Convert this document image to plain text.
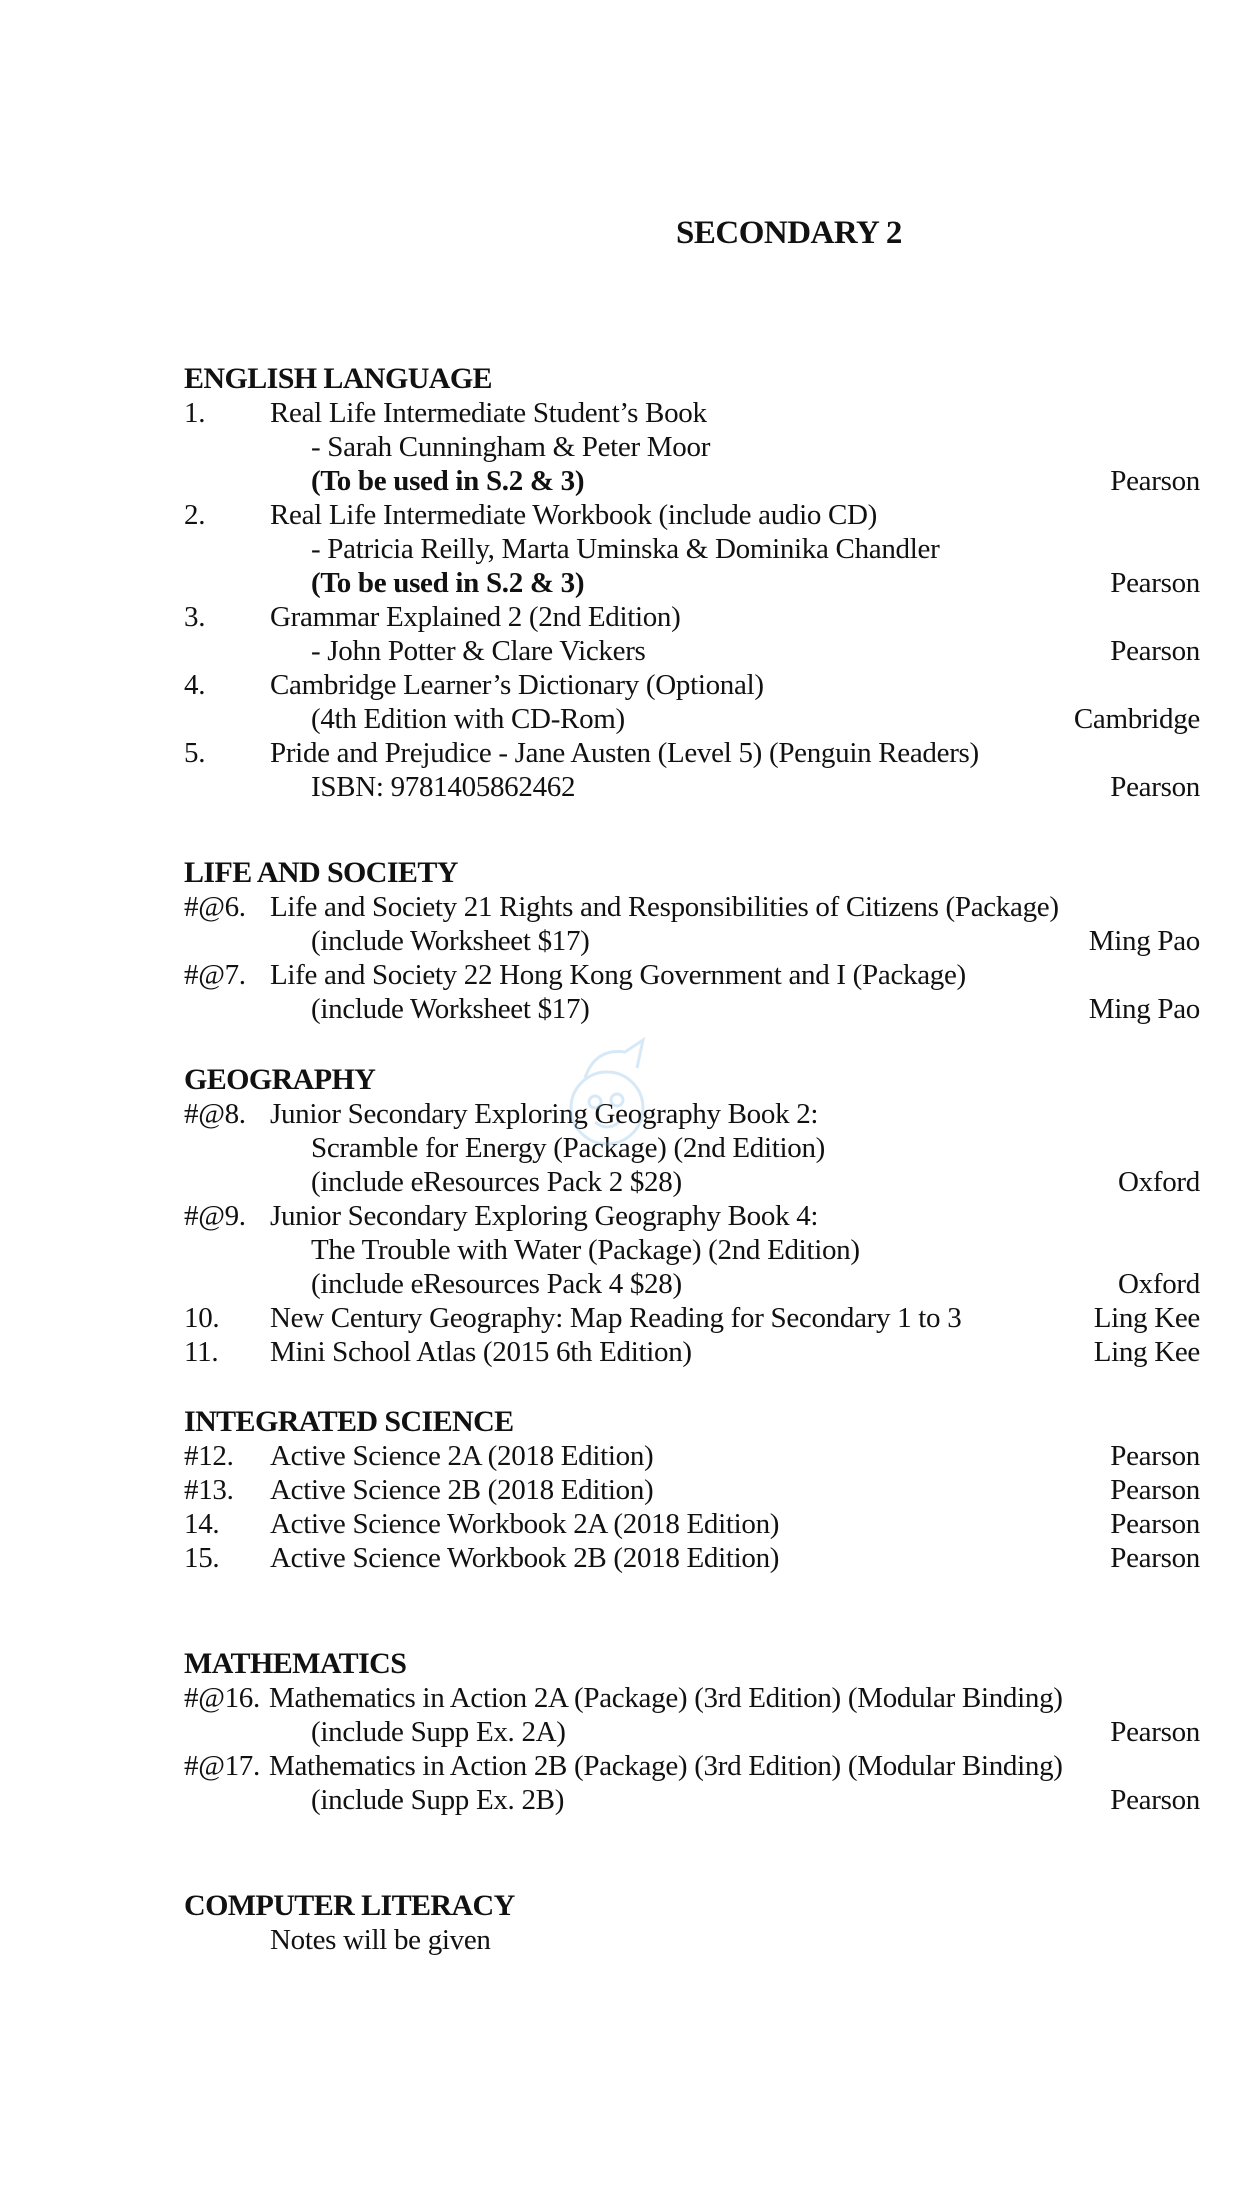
SECONDARY 2
ENGLISH LANGUAGE
1. Real Life Intermediate Student’s Book
- Sarah Cunningham & Peter Moor
(To be used in S.2 & 3)	Pearson
2. Real Life Intermediate Workbook (include audio CD)
- Patricia Reilly, Marta Uminska & Dominika Chandler
(To be used in S.2 & 3)	Pearson
3. Grammar Explained 2 (2nd Edition)
- John Potter & Clare Vickers	Pearson
4. Cambridge Learner’s Dictionary (Optional)
(4th Edition with CD-Rom)	Cambridge
5. Pride and Prejudice - Jane Austen (Level 5) (Penguin Readers)
ISBN: 9781405862462	Pearson
LIFE AND SOCIETY
#@6. Life and Society 21 Rights and Responsibilities of Citizens (Package)
(include Worksheet $17)	Ming Pao
#@7. Life and Society 22 Hong Kong Government and I (Package)
(include Worksheet $17)	Ming Pao
GEOGRAPHY
#@8. Junior Secondary Exploring Geography Book 2:
Scramble for Energy (Package) (2nd Edition)
(include eResources Pack 2 $28)	Oxford
#@9. Junior Secondary Exploring Geography Book 4:
The Trouble with Water (Package) (2nd Edition)
(include eResources Pack 4 $28)	Oxford
10. New Century Geography: Map Reading for Secondary 1 to 3	Ling Kee
11. Mini School Atlas (2015 6th Edition)	Ling Kee
INTEGRATED SCIENCE
#12. Active Science 2A (2018 Edition)	Pearson
#13. Active Science 2B (2018 Edition)	Pearson
14. Active Science Workbook 2A (2018 Edition)	Pearson
15. Active Science Workbook 2B (2018 Edition)	Pearson
MATHEMATICS
#@16. Mathematics in Action 2A (Package) (3rd Edition) (Modular Binding)
(include Supp Ex. 2A)	Pearson
#@17. Mathematics in Action 2B (Package) (3rd Edition) (Modular Binding)
(include Supp Ex. 2B)	Pearson
COMPUTER LITERACY
Notes will be given
